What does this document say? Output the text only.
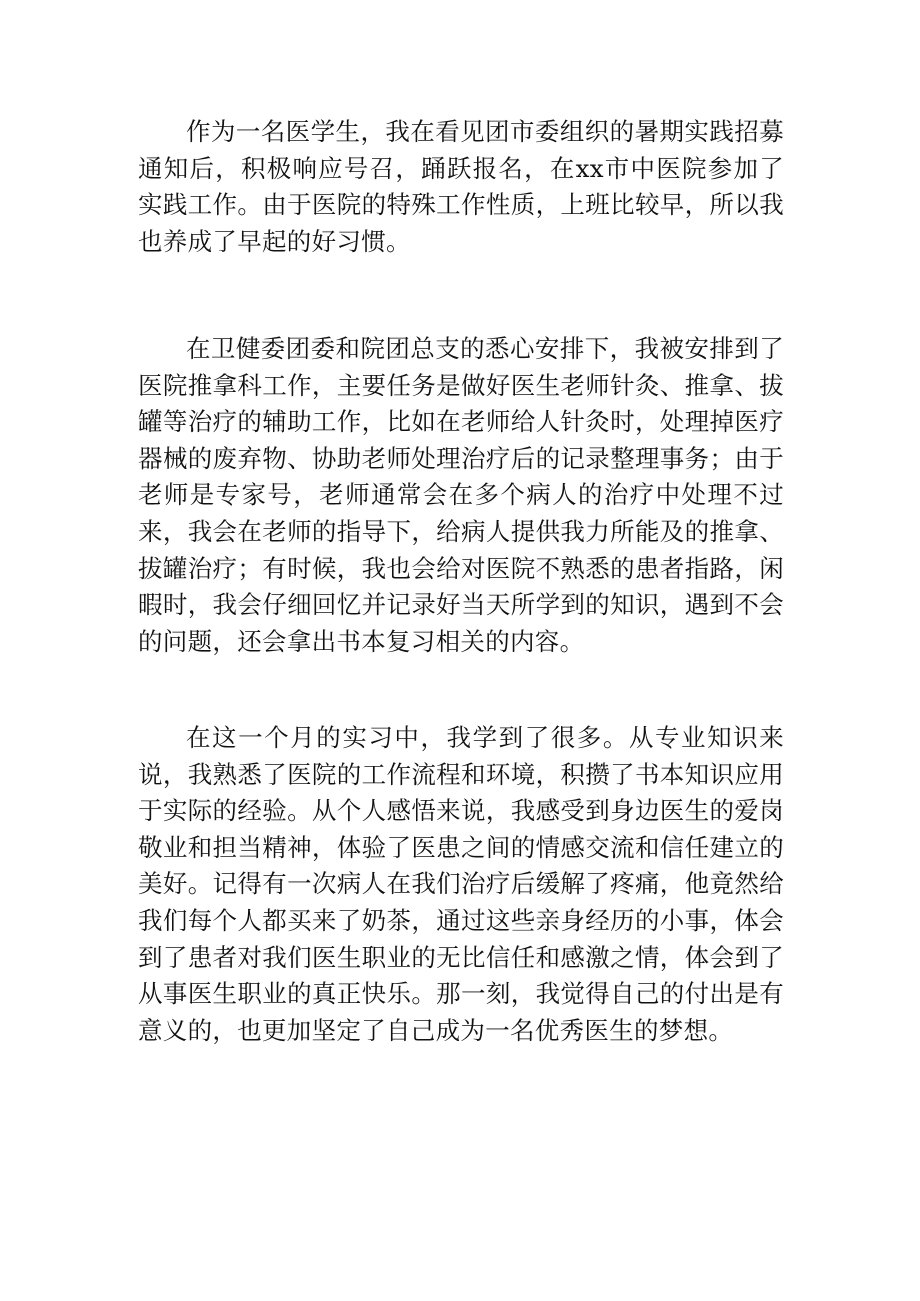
作为一名医学生，我在看见团市委组织的暑期实践招募通知后，积极响应号召，踊跃报名，在xx市中医院参加了实践工作。由于医院的特殊工作性质，上班比较早，所以我也养成了早起的好习惯。

在卫健委团委和院团总支的悉心安排下，我被安排到了医院推拿科工作，主要任务是做好医生老师针灸、推拿、拔罐等治疗的辅助工作，比如在老师给人针灸时，处理掉医疗器械的废弃物、协助老师处理治疗后的记录整理事务；由于老师是专家号，老师通常会在多个病人的治疗中处理不过来，我会在老师的指导下，给病人提供我力所能及的推拿、拔罐治疗；有时候，我也会给对医院不熟悉的患者指路，闲暇时，我会仔细回忆并记录好当天所学到的知识，遇到不会的问题，还会拿出书本复习相关的内容。

在这一个月的实习中，我学到了很多。从专业知识来说，我熟悉了医院的工作流程和环境，积攒了书本知识应用于实际的经验。从个人感悟来说，我感受到身边医生的爱岗敬业和担当精神，体验了医患之间的情感交流和信任建立的美好。记得有一次病人在我们治疗后缓解了疼痛，他竟然给我们每个人都买来了奶茶，通过这些亲身经历的小事，体会到了患者对我们医生职业的无比信任和感激之情，体会到了从事医生职业的真正快乐。那一刻，我觉得自己的付出是有意义的，也更加坚定了自己成为一名优秀医生的梦想。
